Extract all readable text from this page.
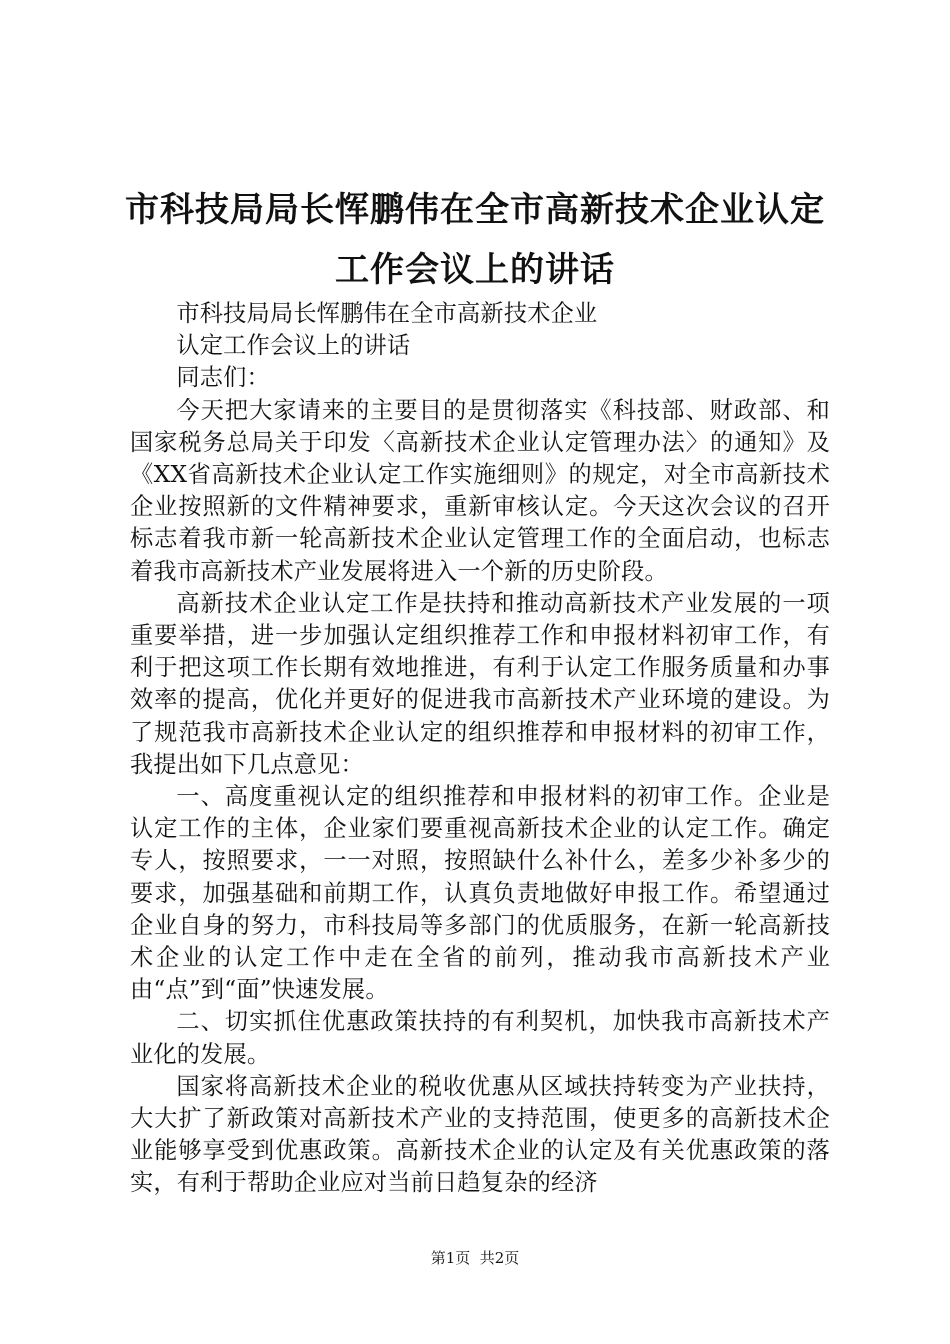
市科技局局长恽鹏伟在全市高新技术企业认定
工作会议上的讲话

市科技局局长恽鹏伟在全市高新技术企业

认定工作会议上的讲话

同志们：

今天把大家请来的主要目的是贯彻落实《科技部、财政部、和国家税务总局关于印发〈高新技术企业认定管理办法〉的通知》及《XX省高新技术企业认定工作实施细则》的规定，对全市高新技术企业按照新的文件精神要求，重新审核认定。今天这次会议的召开标志着我市新一轮高新技术企业认定管理工作的全面启动，也标志着我市高新技术产业发展将进入一个新的历史阶段。

高新技术企业认定工作是扶持和推动高新技术产业发展的一项重要举措，进一步加强认定组织推荐工作和申报材料初审工作，有利于把这项工作长期有效地推进，有利于认定工作服务质量和办事效率的提高，优化并更好的促进我市高新技术产业环境的建设。为了规范我市高新技术企业认定的组织推荐和申报材料的初审工作，我提出如下几点意见：

一、高度重视认定的组织推荐和申报材料的初审工作。企业是认定工作的主体，企业家们要重视高新技术企业的认定工作。确定专人，按照要求，一一对照，按照缺什么补什么，差多少补多少的要求，加强基础和前期工作，认真负责地做好申报工作。希望通过企业自身的努力，市科技局等多部门的优质服务，在新一轮高新技术企业的认定工作中走在全省的前列，推动我市高新技术产业由“点”到“面”快速发展。

二、切实抓住优惠政策扶持的有利契机，加快我市高新技术产业化的发展。

国家将高新技术企业的税收优惠从区域扶持转变为产业扶持，大大扩了新政策对高新技术产业的支持范围，使更多的高新技术企业能够享受到优惠政策。高新技术企业的认定及有关优惠政策的落实，有利于帮助企业应对当前日趋复杂的经济

第1页  共2页
